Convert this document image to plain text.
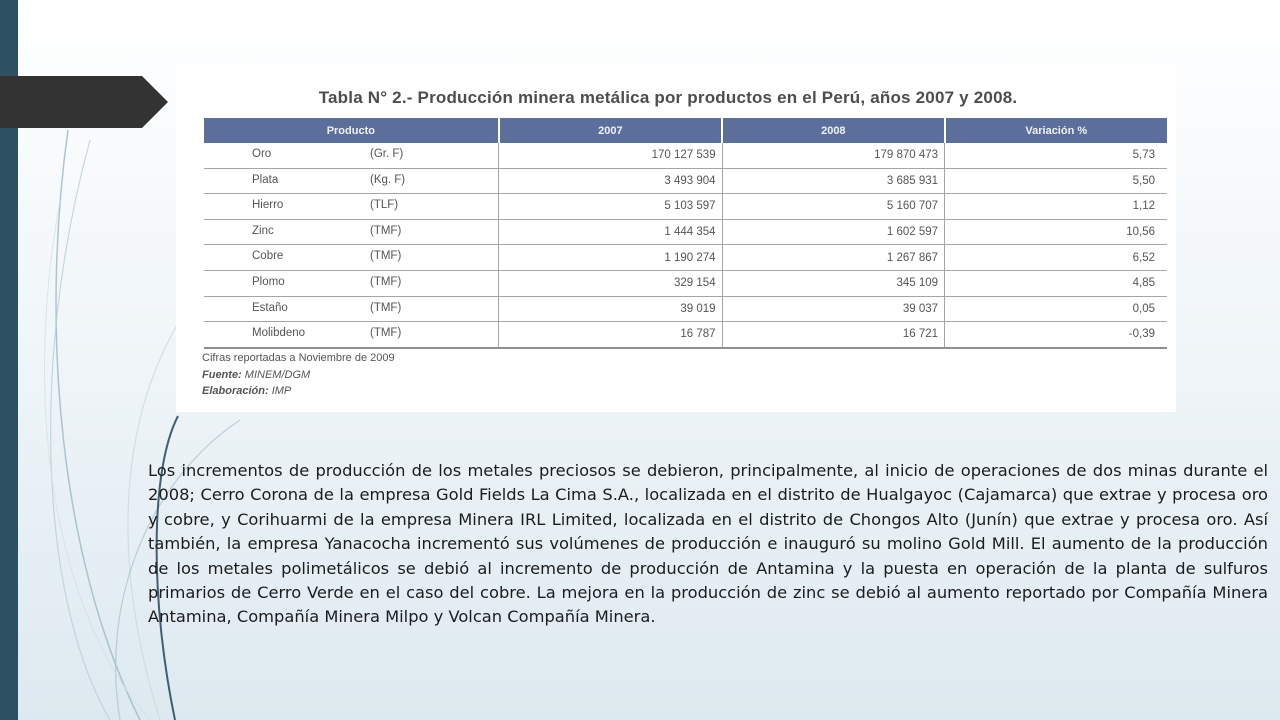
Tabla N° 2.- Producción minera metálica por productos en el Perú, años 2007 y 2008.
Producto	2007	2008	Variación %

Oro (Gr. F)	170 127 539	179 870 473	5,73

Plata (Kg. F)	3 493 904	3 685 931	5,50

Hierro (TLF)	5 103 597	5 160 707	1,12

Zinc (TMF)	1 444 354	1 602 597	10,56

Cobre (TMF)	1 190 274	1 267 867	6,52

Plomo (TMF)	329 154	345 109	4,85

Estaño (TMF)	39 019	39 037	0,05

Molibdeno (TMF)	16 787	16 721	-0,39
Cifras reportadas a Noviembre de 2009
Fuente: MINEM/DGM
Elaboración: IMP

Los incrementos de producción de los metales preciosos se debieron, principalmente, al inicio de operaciones de dos minas durante el 2008; Cerro Corona de la empresa Gold Fields La Cima S.A., localizada en el distrito de Hualgayoc (Cajamarca) que extrae y procesa oro y cobre, y Corihuarmi de la empresa Minera IRL Limited, localizada en el distrito de Chongos Alto (Junín) que extrae y procesa oro. Así también, la empresa Yanacocha incrementó sus volúmenes de producción e inauguró su molino Gold Mill. El aumento de la producción de los metales polimetálicos se debió al incremento de producción de Antamina y la puesta en operación de la planta de sulfuros primarios de Cerro Verde en el caso del cobre. La mejora en la producción de zinc se debió al aumento reportado por Compañía Minera Antamina, Compañía Minera Milpo y Volcan Compañía Minera.
